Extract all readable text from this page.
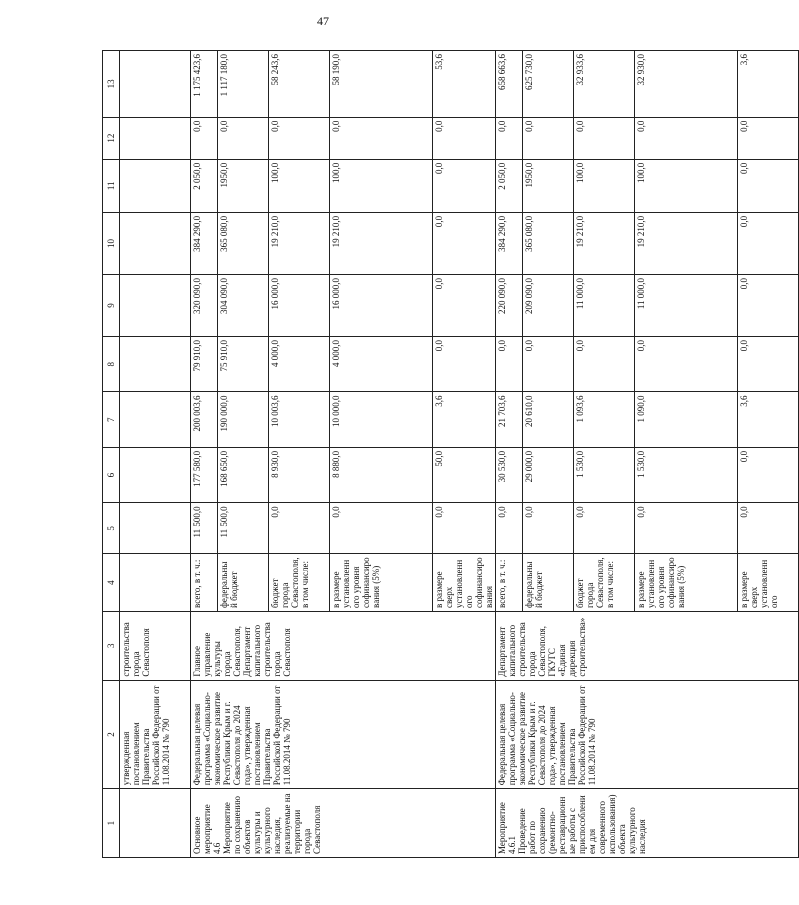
47
1	2	3	4	5	6	7	8	9	10	11	12	13
	утвержденная постановлением Правительства Российской Федерации от 11.08.2014 № 790	строительства города Севастополя										
Основное мероприятие 4.6 Мероприятие по сохранению объектов культуры и культурного наследия, реализуемые на территории города Севастополя	Федеральная целевая программа «Социально-экономическое развитие Республики Крым и г. Севастополя до 2024 года», утвержденная постановлением Правительства Российской Федерации от 11.08.2014 № 790	Главное управление культуры города Севастополя, Департамент капитального строительства города Севастополя	всего, в т. ч.:	11 500,0	177 580,0	200 003,6	79 910,0	320 090,0	384 290,0	2 050,0	0,0	1 175 423,6
			федеральный бюджет	11 500,0	168 650,0	190 000,0	75 910,0	304 090,0	365 080,0	1950,0	0,0	1 117 180,0
			бюджет города Севастополя, в том числе:	0,0	8 930,0	10 003,6	4 000,0	16 000,0	19 210,0	100,0	0,0	58 243,6
			в размере установленного уровня софинансирования (5%)	0,0	8 880,0	10 000,0	4 000,0	16 000,0	19 210,0	100,0	0,0	58 190,0
			в размере сверх установленного софинансирования	0,0	50,0	3,6	0,0	0,0	0,0	0,0	0,0	53,6
Мероприятие 4.6.1 Проведение работ по сохранению (ремонтно-реставрационные работы с приспособлением для современного использования) объекта культурного наследия	Федеральная целевая программа «Социально-экономическое развитие Республики Крым и г. Севастополя до 2024 года», утвержденная постановлением Правительства Российской Федерации от 11.08.2014 № 790	Департамент капитального строительства города Севастополя, ГКУГС «Единая дирекция строительства»	всего, в т. ч.:	0,0	30 530,0	21 703,6	0,0	220 090,0	384 290,0	2 050,0	0,0	658 663,6
			федеральный бюджет	0,0	29 000,0	20 610,0	0,0	209 090,0	365 080,0	1950,0	0,0	625 730,0
			бюджет города Севастополя, в том числе:	0,0	1 530,0	1 093,6	0,0	11 000,0	19 210,0	100,0	0,0	32 933,6
			в размере установленного уровня софинансирования (5%)	0,0	1 530,0	1 090,0	0,0	11 000,0	19 210,0	100,0	0,0	32 930,0
			в размере сверх установленного	0,0	0,0	3,6	0,0	0,0	0,0	0,0	0,0	3,6
